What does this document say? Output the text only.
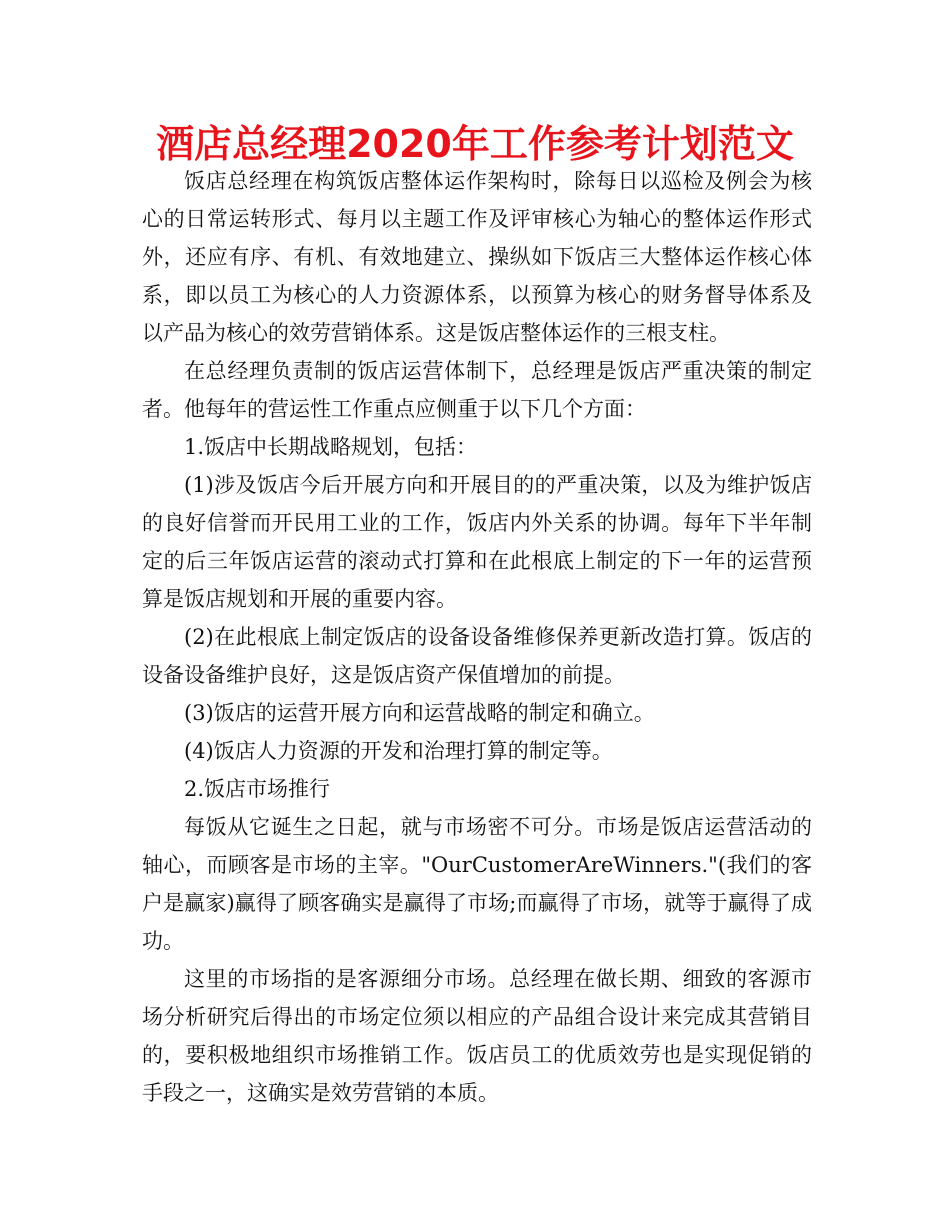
酒店总经理2020年工作参考计划范文

饭店总经理在构筑饭店整体运作架构时，除每日以巡检及例会为核心的日常运转形式、每月以主题工作及评审核心为轴心的整体运作形式外，还应有序、有机、有效地建立、操纵如下饭店三大整体运作核心体系，即以员工为核心的人力资源体系，以预算为核心的财务督导体系及以产品为核心的效劳营销体系。这是饭店整体运作的三根支柱。

在总经理负责制的饭店运营体制下，总经理是饭店严重决策的制定者。他每年的营运性工作重点应侧重于以下几个方面：

1.饭店中长期战略规划，包括：

(1)涉及饭店今后开展方向和开展目的的严重决策，以及为维护饭店的良好信誉而开民用工业的工作，饭店内外关系的协调。每年下半年制定的后三年饭店运营的滚动式打算和在此根底上制定的下一年的运营预算是饭店规划和开展的重要内容。

(2)在此根底上制定饭店的设备设备维修保养更新改造打算。饭店的设备设备维护良好，这是饭店资产保值增加的前提。

(3)饭店的运营开展方向和运营战略的制定和确立。

(4)饭店人力资源的开发和治理打算的制定等。

2.饭店市场推行

每饭从它诞生之日起，就与市场密不可分。市场是饭店运营活动的轴心，而顾客是市场的主宰。"OurCustomerAreWinners."(我们的客户是赢家)赢得了顾客确实是赢得了市场;而赢得了市场，就等于赢得了成功。

这里的市场指的是客源细分市场。总经理在做长期、细致的客源市场分析研究后得出的市场定位须以相应的产品组合设计来完成其营销目的，要积极地组织市场推销工作。饭店员工的优质效劳也是实现促销的手段之一，这确实是效劳营销的本质。
